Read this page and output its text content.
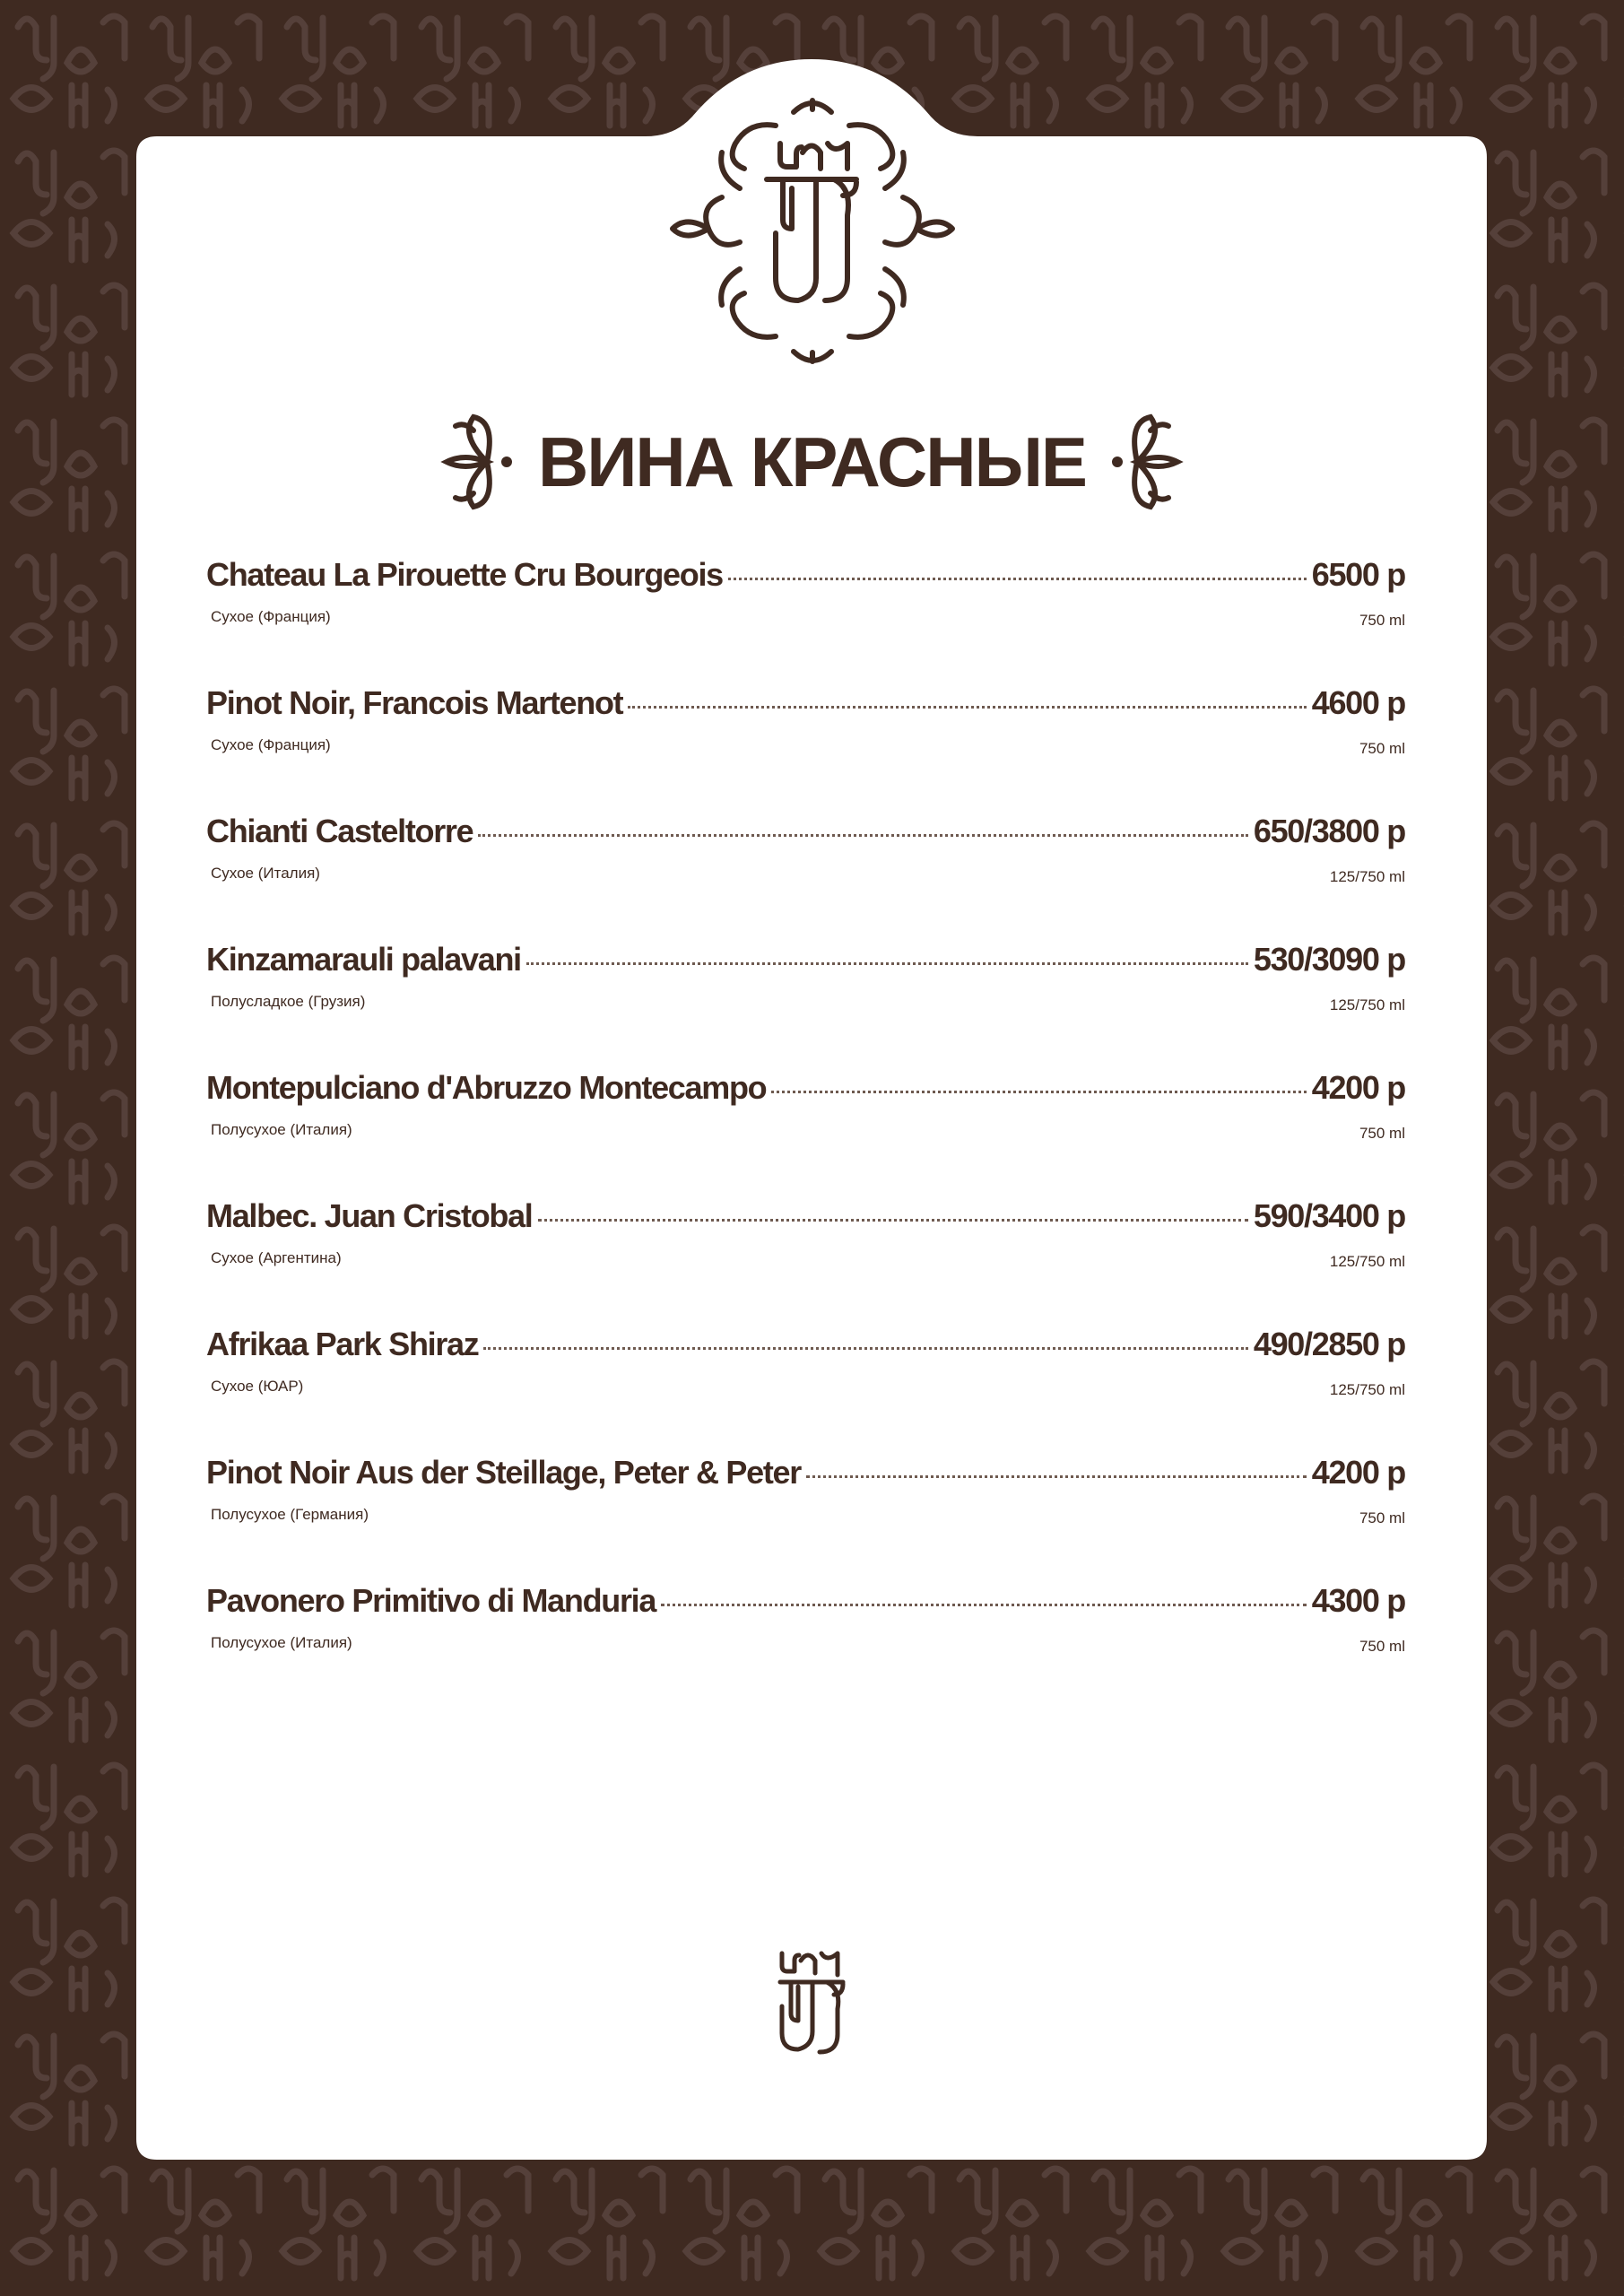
ВИНА КРАСНЫЕ
Chateau La Pirouette Cru Bourgeois	6500 р
Сухое (Франция)	750 ml
Pinot Noir, Francois Martenot	4600 р
Сухое (Франция)	750 ml
Chianti Casteltorre	650/3800 р
Сухое (Италия)	125/750 ml
Kinzamarauli palavani	530/3090 р
Полусладкое (Грузия)	125/750 ml
Montepulciano d'Abruzzo Montecampo	4200 р
Полусухое (Италия)	750 ml
Malbec. Juan Cristobal	590/3400 р
Сухое (Аргентина)	125/750 ml
Afrikaa Park Shiraz	490/2850 р
Сухое (ЮАР)	125/750 ml
Pinot Noir Aus der Steillage, Peter & Peter	4200 р
Полусухое (Германия)	750 ml
Pavonero Primitivo di Manduria	4300 р
Полусухое (Италия)	750 ml
